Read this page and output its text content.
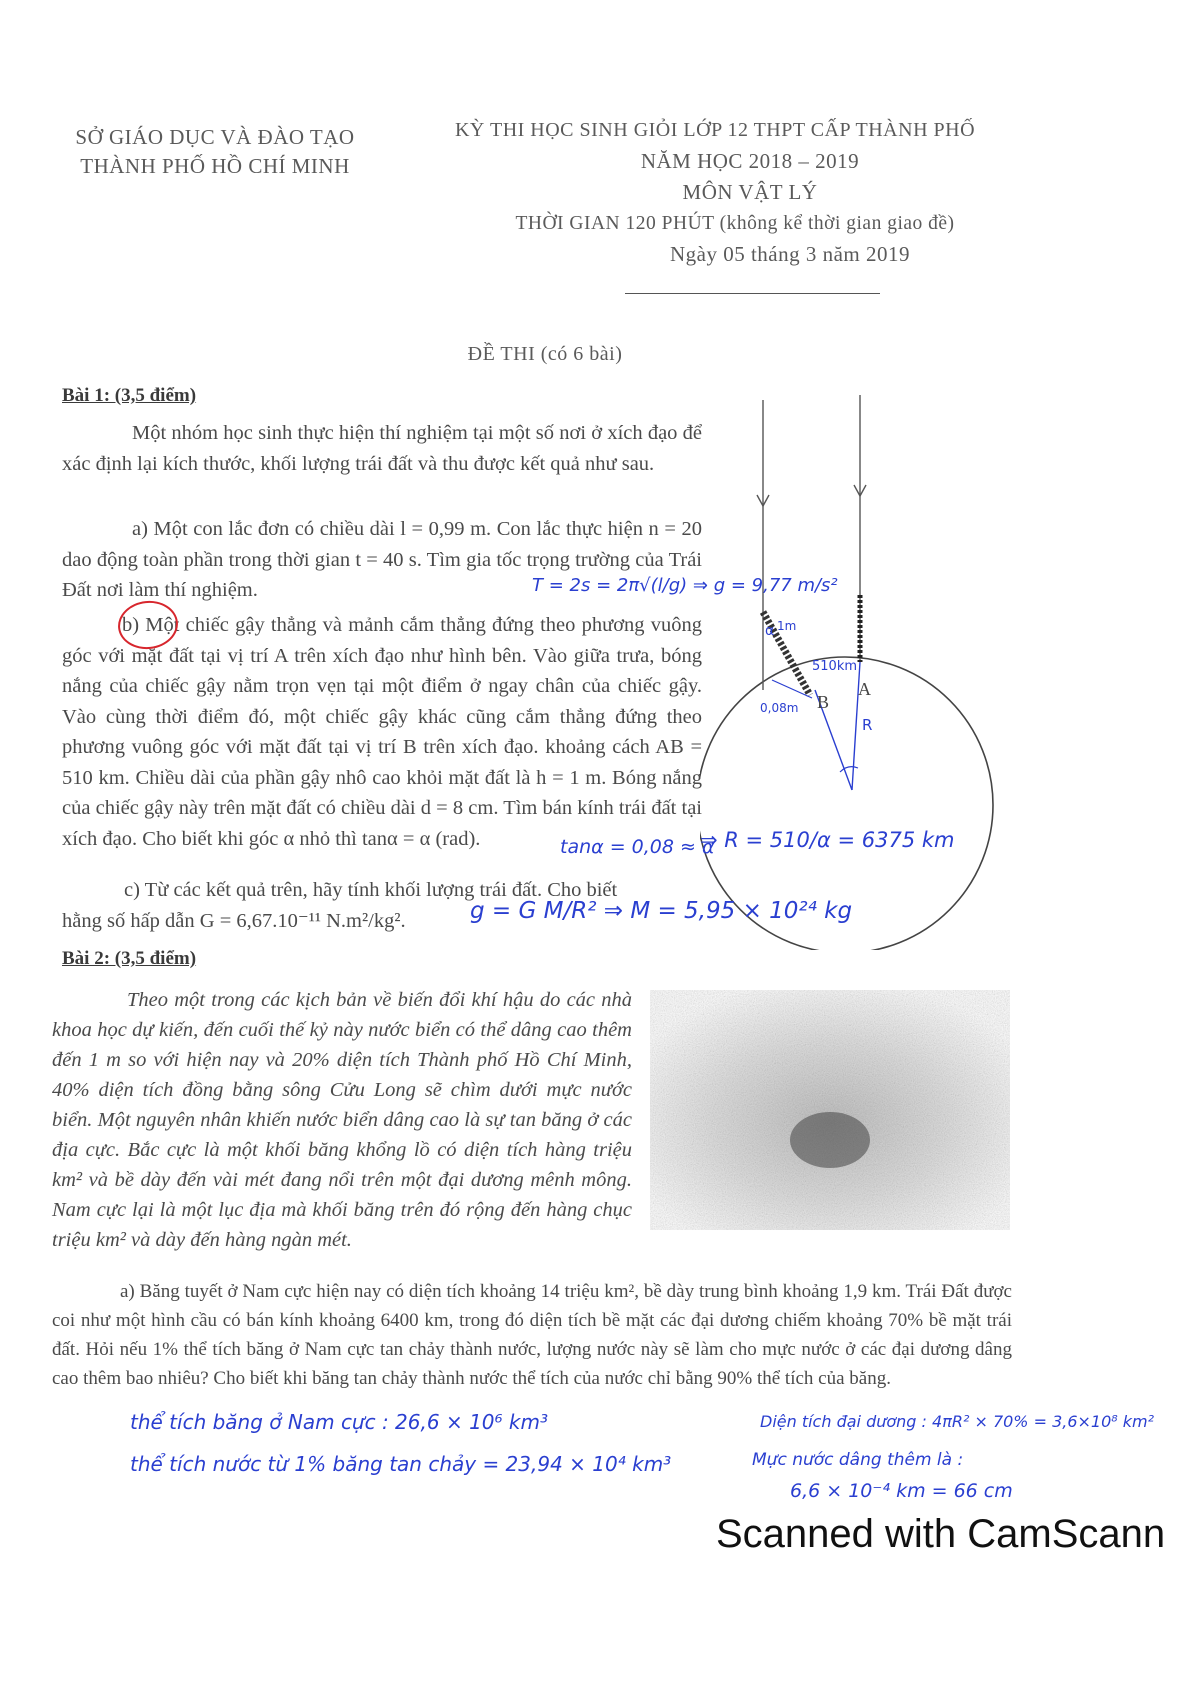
SỞ GIÁO DỤC VÀ ĐÀO TẠO
THÀNH PHỐ HỒ CHÍ MINH
KỲ THI HỌC SINH GIỎI LỚP 12 THPT CẤP THÀNH PHỐ
NĂM HỌC 2018 – 2019
MÔN VẬT LÝ
THỜI GIAN 120 PHÚT (không kể thời gian giao đề)
Ngày 05 tháng 3 năm 2019
ĐỀ THI (có 6 bài)
Bài 1: (3,5 điểm)
Một nhóm học sinh thực hiện thí nghiệm tại một số nơi ở xích đạo để xác định lại kích thước, khối lượng trái đất và thu được kết quả như sau.
a) Một con lắc đơn có chiều dài l = 0,99 m. Con lắc thực hiện n = 20 dao động toàn phần trong thời gian t = 40 s. Tìm gia tốc trọng trường của Trái Đất nơi làm thí nghiệm.
b) Một chiếc gậy thẳng và mảnh cắm thẳng đứng theo phương vuông góc với mặt đất tại vị trí A trên xích đạo như hình bên. Vào giữa trưa, bóng nắng của chiếc gậy nằm trọn vẹn tại một điểm ở ngay chân của chiếc gậy. Vào cùng thời điểm đó, một chiếc gậy khác cũng cắm thẳng đứng theo phương vuông góc với mặt đất tại vị trí B trên xích đạo. khoảng cách AB = 510 km. Chiều dài của phần gậy nhô cao khỏi mặt đất là h = 1 m. Bóng nắng của chiếc gậy này trên mặt đất có chiều dài d = 8 cm. Tìm bán kính trái đất tại xích đạo. Cho biết khi góc α nhỏ thì tanα = α (rad).
c) Từ các kết quả trên, hãy tính khối lượng trái đất. Cho biết
hằng số hấp dẫn G = 6,67.10⁻¹¹ N.m²/kg².
A
B
R
α 1m
510km
0,08m
T = 2s = 2π√(l/g) ⇒ g = 9,77 m/s²
tanα = 0,08 ≈ α
⇒ R = 510/α = 6375 km
g = G M/R² ⇒ M = 5,95 × 10²⁴ kg
Bài 2: (3,5 điểm)
Theo một trong các kịch bản về biến đổi khí hậu do các nhà khoa học dự kiến, đến cuối thế kỷ này nước biển có thể dâng cao thêm đến 1 m so với hiện nay và 20% diện tích Thành phố Hồ Chí Minh, 40% diện tích đồng bằng sông Cửu Long sẽ chìm dưới mực nước biển. Một nguyên nhân khiến nước biển dâng cao là sự tan băng ở các địa cực. Bắc cực là một khối băng khổng lồ có diện tích hàng triệu km² và bề dày đến vài mét đang nổi trên một đại dương mênh mông. Nam cực lại là một lục địa mà khối băng trên đó rộng đến hàng chục triệu km² và dày đến hàng ngàn mét.
a) Băng tuyết ở Nam cực hiện nay có diện tích khoảng 14 triệu km², bề dày trung bình khoảng 1,9 km. Trái Đất được coi như một hình cầu có bán kính khoảng 6400 km, trong đó diện tích bề mặt các đại dương chiếm khoảng 70% bề mặt trái đất. Hỏi nếu 1% thể tích băng ở Nam cực tan chảy thành nước, lượng nước này sẽ làm cho mực nước ở các đại dương dâng cao thêm bao nhiêu? Cho biết khi băng tan chảy thành nước thể tích của nước chỉ bằng 90% thể tích của băng.
thể tích băng ở Nam cực : 26,6 × 10⁶ km³
thể tích nước từ 1% băng tan chảy = 23,94 × 10⁴ km³
Diện tích đại dương : 4πR² × 70% = 3,6×10⁸ km²
Mực nước dâng thêm là :
6,6 × 10⁻⁴ km = 66 cm
Scanned with CamScann
